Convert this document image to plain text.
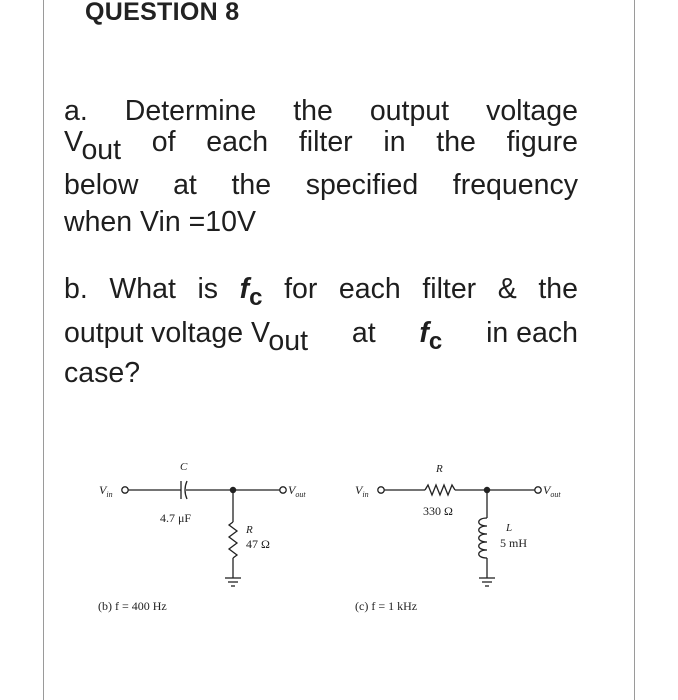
QUESTION 8
a. Determine the output voltage
Vout of each filter in the figure
below at the specified frequency
when Vin =10V
b. What is $f_c$ for each filter & the
output voltage Vout at $f_c$ in each
case?
$V_{in}$	$V_{out}$
C
4.7 μF
R
47 Ω
(b) f = 400 Hz
$V_{in}$	$V_{out}$
R
330 Ω
L
5 mH
(c) f = 1 kHz
